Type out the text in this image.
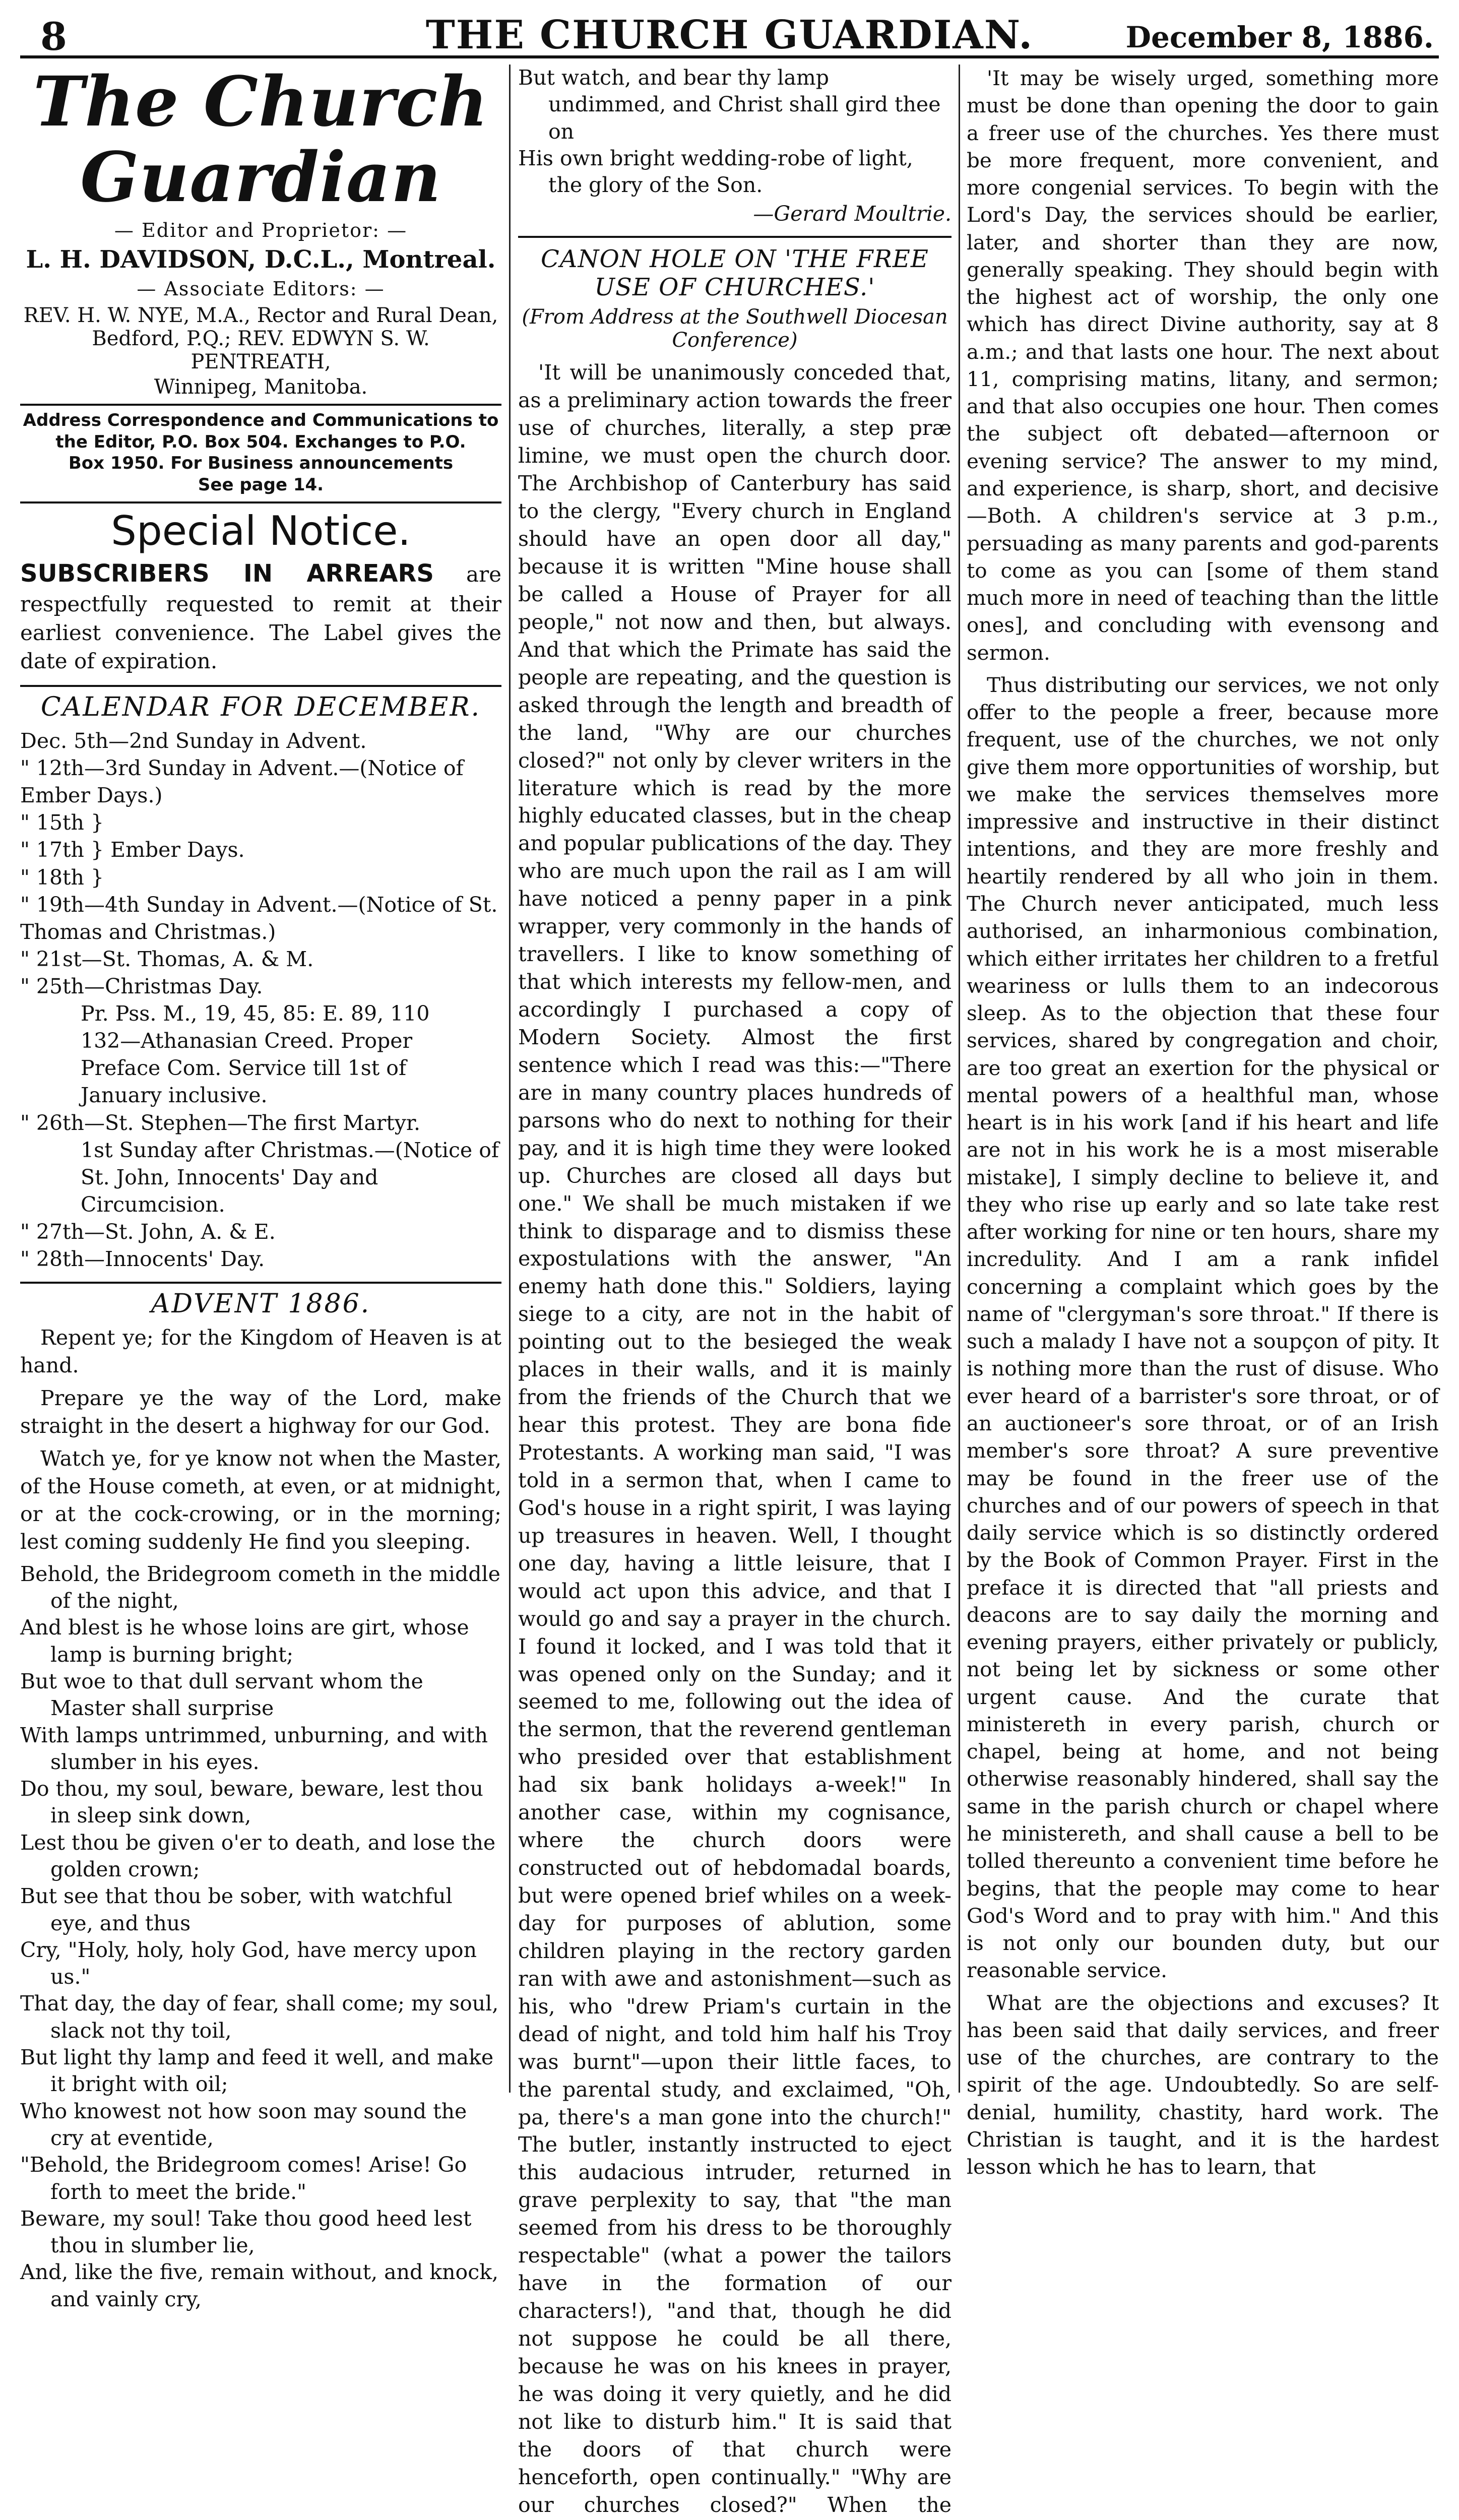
8	THE CHURCH GUARDIAN.	December 8, 1886.
The Church Guardian
— Editor and Proprietor: —
L. H. DAVIDSON, D.C.L., Montreal.
— Associate Editors: —
REV. H. W. NYE, M.A., Rector and Rural Dean, Bedford, P.Q.; REV. EDWYN S. W. PENTREATH,
Winnipeg, Manitoba.
Address Correspondence and Communications to
the Editor, P.O. Box 504. Exchanges to P.O.
Box 1950. For Business announcements
See page 14.
Special Notice.
SUBSCRIBERS IN ARREARS are respectfully requested to remit at their earliest convenience. The Label gives the date of expiration.
CALENDAR FOR DECEMBER.
Dec. 5th—2nd Sunday in Advent.
" 12th—3rd Sunday in Advent.—(Notice of Ember Days.)
" 15th }
" 17th } Ember Days.
" 18th }
" 19th—4th Sunday in Advent.—(Notice of St. Thomas and Christmas.)
" 21st—St. Thomas, A. & M.
" 25th—Christmas Day.
Pr. Pss. M., 19, 45, 85: E. 89, 110
132—Athanasian Creed. Proper
Preface Com. Service till 1st of
January inclusive.
" 26th—St. Stephen—The first Martyr.
1st Sunday after Christmas.—(Notice of St. John, Innocents' Day and Circumcision.
" 27th—St. John, A. & E.
" 28th—Innocents' Day.
ADVENT 1886.

Repent ye; for the Kingdom of Heaven is at hand.

Prepare ye the way of the Lord, make straight in the desert a highway for our God.

Watch ye, for ye know not when the Master, of the House cometh, at even, or at midnight, or at the cock-crowing, or in the morning; lest coming suddenly He find you sleeping.

Behold, the Bridegroom cometh in the middle of the night,

And blest is he whose loins are girt, whose lamp is burning bright;

But woe to that dull servant whom the Master shall surprise

With lamps untrimmed, unburning, and with slumber in his eyes.

Do thou, my soul, beware, beware, lest thou in sleep sink down,

Lest thou be given o'er to death, and lose the golden crown;

But see that thou be sober, with watchful eye, and thus

Cry, "Holy, holy, holy God, have mercy upon us."

That day, the day of fear, shall come; my soul, slack not thy toil,

But light thy lamp and feed it well, and make it bright with oil;

Who knowest not how soon may sound the cry at eventide,

"Behold, the Bridegroom comes! Arise! Go forth to meet the bride."

Beware, my soul! Take thou good heed lest thou in slumber lie,

And, like the five, remain without, and knock, and vainly cry,

But watch, and bear thy lamp undimmed, and Christ shall gird thee on

His own bright wedding-robe of light, the glory of the Son.

—Gerard Moultrie.
CANON HOLE ON 'THE FREE USE OF CHURCHES.'
(From Address at the Southwell Diocesan Conference)

'It will be unanimously conceded that, as a preliminary action towards the freer use of churches, literally, a step præ limine, we must open the church door. The Archbishop of Canterbury has said to the clergy, "Every church in England should have an open door all day," because it is written "Mine house shall be called a House of Prayer for all people," not now and then, but always. And that which the Primate has said the people are repeating, and the question is asked through the length and breadth of the land, "Why are our churches closed?" not only by clever writers in the literature which is read by the more highly educated classes, but in the cheap and popular publications of the day. They who are much upon the rail as I am will have noticed a penny paper in a pink wrapper, very commonly in the hands of travellers. I like to know something of that which interests my fellow-men, and accordingly I purchased a copy of Modern Society. Almost the first sentence which I read was this:—"There are in many country places hundreds of parsons who do next to nothing for their pay, and it is high time they were looked up. Churches are closed all days but one." We shall be much mistaken if we think to disparage and to dismiss these expostulations with the answer, "An enemy hath done this." Soldiers, laying siege to a city, are not in the habit of pointing out to the besieged the weak places in their walls, and it is mainly from the friends of the Church that we hear this protest. They are bona fide Protestants. A working man said, "I was told in a sermon that, when I came to God's house in a right spirit, I was laying up treasures in heaven. Well, I thought one day, having a little leisure, that I would act upon this advice, and that I would go and say a prayer in the church. I found it locked, and I was told that it was opened only on the Sunday; and it seemed to me, following out the idea of the sermon, that the reverend gentleman who presided over that establishment had six bank holidays a-week!" In another case, within my cognisance, where the church doors were constructed out of hebdomadal boards, but were opened brief whiles on a week-day for purposes of ablution, some children playing in the rectory garden ran with awe and astonishment—such as his, who "drew Priam's curtain in the dead of night, and told him half his Troy was burnt"—upon their little faces, to the parental study, and exclaimed, "Oh, pa, there's a man gone into the church!" The butler, instantly instructed to eject this audacious intruder, returned in grave perplexity to say, that "the man seemed from his dress to be thoroughly respectable" (what a power the tailors have in the formation of our characters!), "and that, though he did not suppose he could be all there, because he was on his knees in prayer, he was doing it very quietly, and he did not like to disturb him." It is said that the doors of that church were henceforth, open continually." "Why are our churches closed?" When the

'It may be wisely urged, something more must be done than opening the door to gain a freer use of the churches. Yes there must be more frequent, more convenient, and more congenial services. To begin with the Lord's Day, the services should be earlier, later, and shorter than they are now, generally speaking. They should begin with the highest act of worship, the only one which has direct Divine authority, say at 8 a.m.; and that lasts one hour. The next about 11, comprising matins, litany, and sermon; and that also occupies one hour. Then comes the subject oft debated—afternoon or evening service? The answer to my mind, and experience, is sharp, short, and decisive—Both. A children's service at 3 p.m., persuading as many parents and god-parents to come as you can [some of them stand much more in need of teaching than the little ones], and concluding with evensong and sermon.

Thus distributing our services, we not only offer to the people a freer, because more frequent, use of the churches, we not only give them more opportunities of worship, but we make the services themselves more impressive and instructive in their distinct intentions, and they are more freshly and heartily rendered by all who join in them. The Church never anticipated, much less authorised, an inharmonious combination, which either irritates her children to a fretful weariness or lulls them to an indecorous sleep. As to the objection that these four services, shared by congregation and choir, are too great an exertion for the physical or mental powers of a healthful man, whose heart is in his work [and if his heart and life are not in his work he is a most miserable mistake], I simply decline to believe it, and they who rise up early and so late take rest after working for nine or ten hours, share my incredulity. And I am a rank infidel concerning a complaint which goes by the name of "clergyman's sore throat." If there is such a malady I have not a soupçon of pity. It is nothing more than the rust of disuse. Who ever heard of a barrister's sore throat, or of an auctioneer's sore throat, or of an Irish member's sore throat? A sure preventive may be found in the freer use of the churches and of our powers of speech in that daily service which is so distinctly ordered by the Book of Common Prayer. First in the preface it is directed that "all priests and deacons are to say daily the morning and evening prayers, either privately or publicly, not being let by sickness or some other urgent cause. And the curate that ministereth in every parish, church or chapel, being at home, and not being otherwise reasonably hindered, shall say the same in the parish church or chapel where he ministereth, and shall cause a bell to be tolled thereunto a convenient time before he begins, that the people may come to hear God's Word and to pray with him." And this is not only our bounden duty, but our reasonable service.

What are the objections and excuses? It has been said that daily services, and freer use of the churches, are contrary to the spirit of the age. Undoubtedly. So are self-denial, humility, chastity, hard work. The Christian is taught, and it is the hardest lesson which he has to learn, that
